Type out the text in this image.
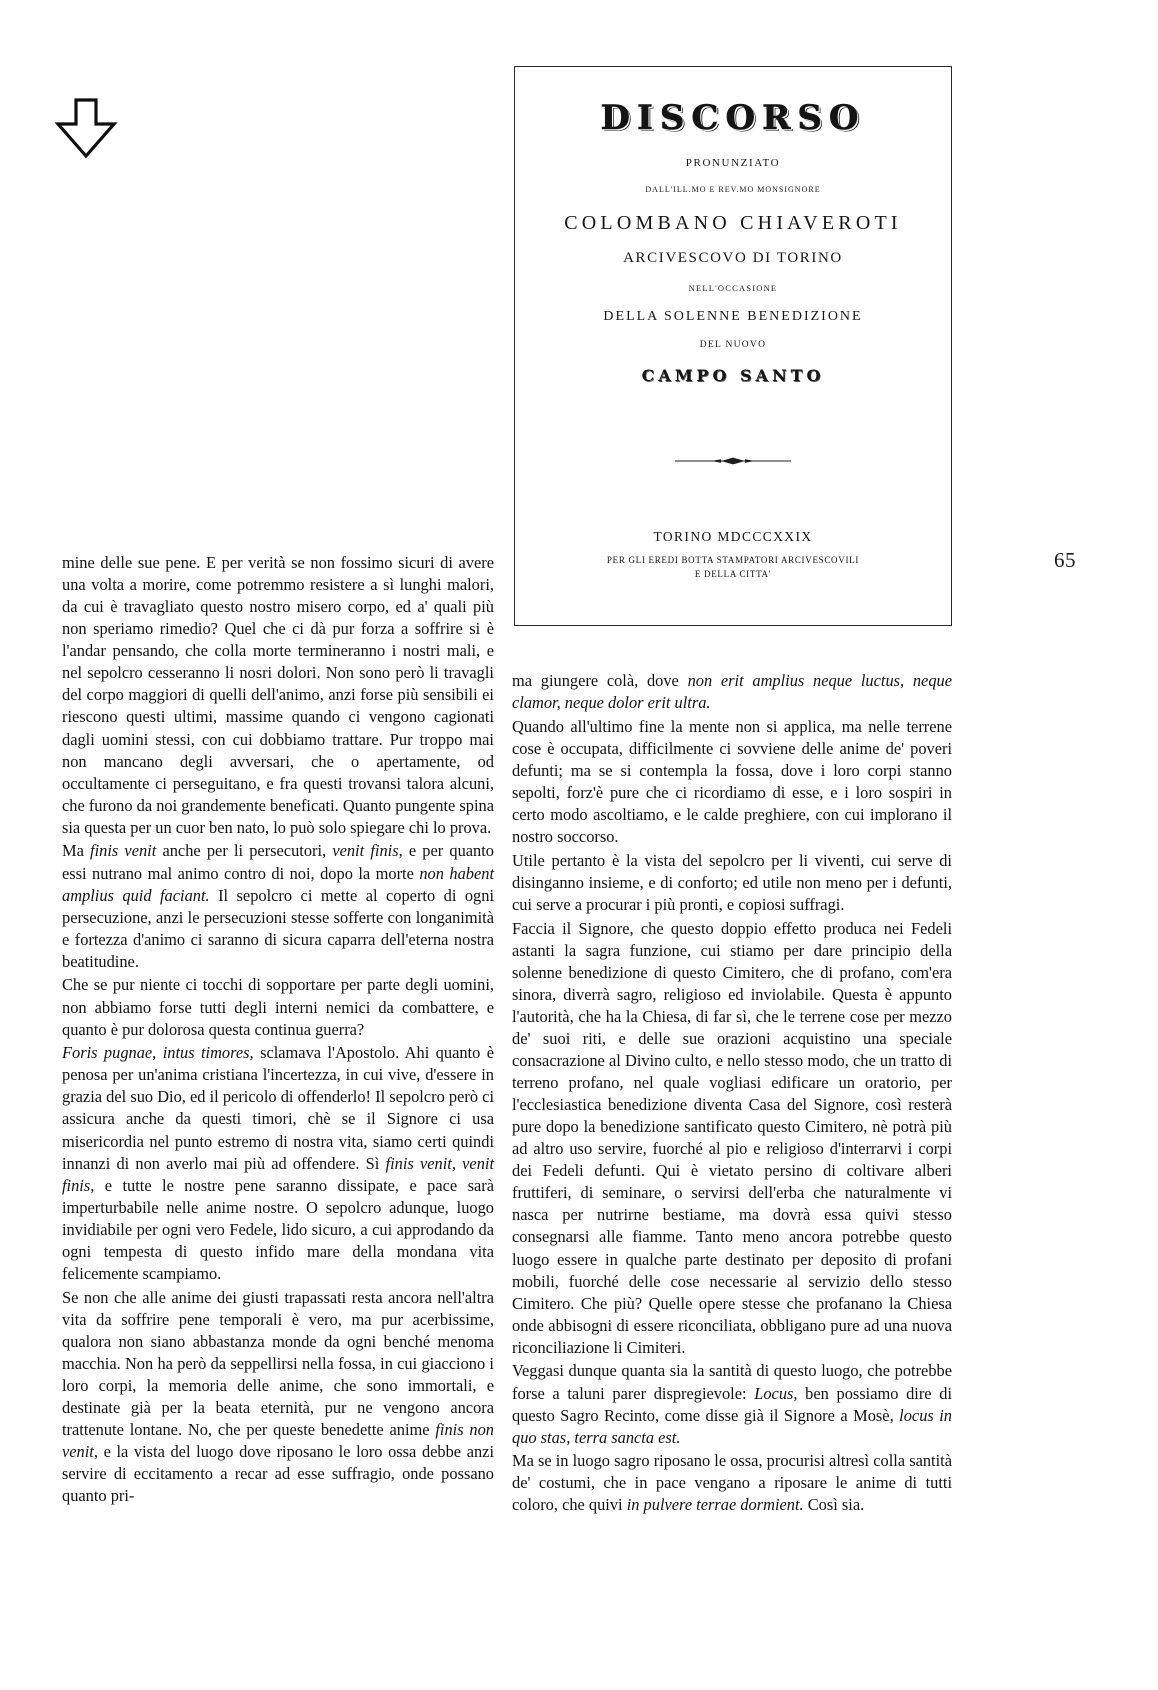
65
DISCORSO
PRONUNZIATO
DALL'ILL.MO E REV.MO MONSIGNORE
COLOMBANO CHIAVEROTI
ARCIVESCOVO DI TORINO
NELL'OCCASIONE
DELLA SOLENNE BENEDIZIONE
DEL NUOVO
CAMPO SANTO
TORINO MDCCCXXIX
PER GLI EREDI BOTTA STAMPATORI ARCIVESCOVILI
E DELLA CITTA'

mine delle sue pene. E per verità se non fossimo sicuri di avere una volta a morire, come potremmo resistere a sì lunghi malori, da cui è travagliato questo nostro misero corpo, ed a' quali più non speriamo rimedio? Quel che ci dà pur forza a soffrire si è l'andar pensando, che colla morte termineranno i nostri mali, e nel sepolcro cesseranno li nosri dolori. Non sono però li travagli del corpo maggiori di quelli dell'animo, anzi forse più sensibili ei riescono questi ultimi, massime quando ci vengono cagionati dagli uomini stessi, con cui dobbiamo trattare. Pur troppo mai non mancano degli avversari, che o apertamente, od occultamente ci perseguitano, e fra questi trovansi talora alcuni, che furono da noi grandemente beneficati. Quanto pungente spina sia questa per un cuor ben nato, lo può solo spiegare chi lo prova.

Ma finis venit anche per li persecutori, venit finis, e per quanto essi nutrano mal animo contro di noi, dopo la morte non habent amplius quid faciant. Il sepolcro ci mette al coperto di ogni persecuzione, anzi le persecuzioni stesse sofferte con longanimità e fortezza d'animo ci saranno di sicura caparra dell'eterna nostra beatitudine.

Che se pur niente ci tocchi di sopportare per parte degli uomini, non abbiamo forse tutti degli interni nemici da combattere, e quanto è pur dolorosa questa continua guerra?

Foris pugnae, intus timores, sclamava l'Apostolo. Ahi quanto è penosa per un'anima cristiana l'incertezza, in cui vive, d'essere in grazia del suo Dio, ed il pericolo di offenderlo! Il sepolcro però ci assicura anche da questi timori, chè se il Signore ci usa misericordia nel punto estremo di nostra vita, siamo certi quindi innanzi di non averlo mai più ad offendere. Sì finis venit, venit finis, e tutte le nostre pene saranno dissipate, e pace sarà imperturbabile nelle anime nostre. O sepolcro adunque, luogo invidiabile per ogni vero Fedele, lido sicuro, a cui approdando da ogni tempesta di questo infido mare della mondana vita felicemente scampiamo.

Se non che alle anime dei giusti trapassati resta ancora nell'altra vita da soffrire pene temporali è vero, ma pur acerbissime, qualora non siano abbastanza monde da ogni benché menoma macchia. Non ha però da seppellirsi nella fossa, in cui giacciono i loro corpi, la memoria delle anime, che sono immortali, e destinate già per la beata eternità, pur ne vengono ancora trattenute lontane. No, che per queste benedette anime finis non venit, e la vista del luogo dove riposano le loro ossa debbe anzi servire di eccitamento a recar ad esse suffragio, onde possano quanto pri-

ma giungere colà, dove non erit amplius neque luctus, neque clamor, neque dolor erit ultra.

Quando all'ultimo fine la mente non si applica, ma nelle terrene cose è occupata, difficilmente ci sovviene delle anime de' poveri defunti; ma se si contempla la fossa, dove i loro corpi stanno sepolti, forz'è pure che ci ricordiamo di esse, e i loro sospiri in certo modo ascoltiamo, e le calde preghiere, con cui implorano il nostro soccorso.

Utile pertanto è la vista del sepolcro per li viventi, cui serve di disinganno insieme, e di conforto; ed utile non meno per i defunti, cui serve a procurar i più pronti, e copiosi suffragi.

Faccia il Signore, che questo doppio effetto produca nei Fedeli astanti la sagra funzione, cui stiamo per dare principio della solenne benedizione di questo Cimitero, che di profano, com'era sinora, diverrà sagro, religioso ed inviolabile. Questa è appunto l'autorità, che ha la Chiesa, di far sì, che le terrene cose per mezzo de' suoi riti, e delle sue orazioni acquistino una speciale consacrazione al Divino culto, e nello stesso modo, che un tratto di terreno profano, nel quale vogliasi edificare un oratorio, per l'ecclesiastica benedizione diventa Casa del Signore, così resterà pure dopo la benedizione santificato questo Cimitero, nè potrà più ad altro uso servire, fuorché al pio e religioso d'interrarvi i corpi dei Fedeli defunti. Qui è vietato persino di coltivare alberi fruttiferi, di seminare, o servirsi dell'erba che naturalmente vi nasca per nutrirne bestiame, ma dovrà essa quivi stesso consegnarsi alle fiamme. Tanto meno ancora potrebbe questo luogo essere in qualche parte destinato per deposito di profani mobili, fuorché delle cose necessarie al servizio dello stesso Cimitero. Che più? Quelle opere stesse che profanano la Chiesa onde abbisogni di essere riconciliata, obbligano pure ad una nuova riconciliazione li Cimiteri.

Veggasi dunque quanta sia la santità di questo luogo, che potrebbe forse a taluni parer dispregievole: Locus, ben possiamo dire di questo Sagro Recinto, come disse già il Signore a Mosè, locus in quo stas, terra sancta est.

Ma se in luogo sagro riposano le ossa, procurisi altresì colla santità de' costumi, che in pace vengano a riposare le anime di tutti coloro, che quivi in pulvere terrae dormient. Così sia.
